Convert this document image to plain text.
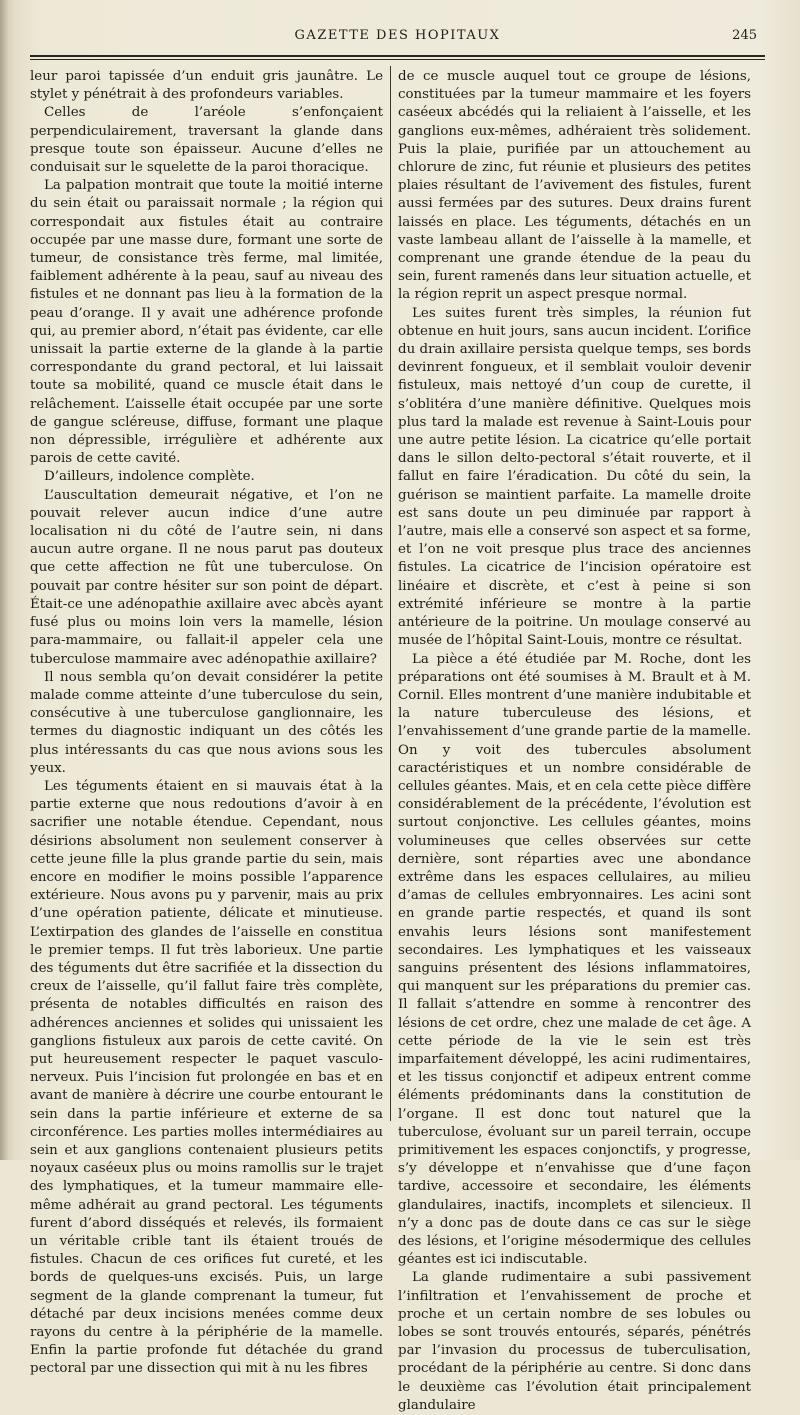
GAZETTE DES HOPITAUX	245

leur paroi tapissée d’un enduit gris jaunâtre. Le stylet y pénétrait à des profondeurs variables.

Celles de l’aréole s’enfonçaient perpendiculairement, traversant la glande dans presque toute son épaisseur. Aucune d’elles ne conduisait sur le squelette de la paroi thoracique.

La palpation montrait que toute la moitié interne du sein était ou paraissait normale ; la région qui correspondait aux fistules était au contraire occupée par une masse dure, formant une sorte de tumeur, de consistance très ferme, mal limitée, faiblement adhérente à la peau, sauf au niveau des fistules et ne donnant pas lieu à la formation de la peau d’orange. Il y avait une adhérence profonde qui, au premier abord, n’était pas évidente, car elle unissait la partie externe de la glande à la partie correspondante du grand pectoral, et lui laissait toute sa mobilité, quand ce muscle était dans le relâchement. L’aisselle était occupée par une sorte de gangue scléreuse, diffuse, formant une plaque non dépressible, irrégulière et adhérente aux parois de cette cavité.

D’ailleurs, indolence complète.

L’auscultation demeurait négative, et l’on ne pouvait relever aucun indice d’une autre localisation ni du côté de l’autre sein, ni dans aucun autre organe. Il ne nous parut pas douteux que cette affection ne fût une tuberculose. On pouvait par contre hésiter sur son point de départ. Était-ce une adénopathie axillaire avec abcès ayant fusé plus ou moins loin vers la mamelle, lésion para-mammaire, ou fallait-il appeler cela une tuberculose mammaire avec adénopathie axillaire?

Il nous sembla qu’on devait considérer la petite malade comme atteinte d’une tuberculose du sein, consécutive à une tuberculose ganglionnaire, les termes du diagnostic indiquant un des côtés les plus intéressants du cas que nous avions sous les yeux.

Les téguments étaient en si mauvais état à la partie externe que nous redoutions d’avoir à en sacrifier une notable étendue. Cependant, nous désirions absolument non seulement conserver à cette jeune fille la plus grande partie du sein, mais encore en modifier le moins possible l’apparence extérieure. Nous avons pu y parvenir, mais au prix d’une opération patiente, délicate et minutieuse. L’extirpation des glandes de l’aisselle en constitua le premier temps. Il fut très laborieux. Une partie des téguments dut être sacrifiée et la dissection du creux de l’aisselle, qu’il fallut faire très complète, présenta de notables difficultés en raison des adhérences anciennes et solides qui unissaient les ganglions fistuleux aux parois de cette cavité. On put heureusement respecter le paquet vasculo-nerveux. Puis l’incision fut prolongée en bas et en avant de manière à décrire une courbe entourant le sein dans la partie inférieure et externe de sa circonférence. Les parties molles intermédiaires au sein et aux ganglions contenaient plusieurs petits noyaux caséeux plus ou moins ramollis sur le trajet des lymphatiques, et la tumeur mammaire elle-même adhérait au grand pectoral. Les téguments furent d’abord disséqués et relevés, ils formaient un véritable crible tant ils étaient troués de fistules. Chacun de ces orifices fut cureté, et les bords de quelques-uns excisés. Puis, un large segment de la glande comprenant la tumeur, fut détaché par deux incisions menées comme deux rayons du centre à la périphérie de la mamelle. Enfin la partie profonde fut détachée du grand pectoral par une dissection qui mit à nu les fibres

de ce muscle auquel tout ce groupe de lésions, constituées par la tumeur mammaire et les foyers caséeux abcédés qui la reliaient à l’aisselle, et les ganglions eux-mêmes, adhéraient très solidement. Puis la plaie, purifiée par un attouchement au chlorure de zinc, fut réunie et plusieurs des petites plaies résultant de l’avivement des fistules, furent aussi fermées par des sutures. Deux drains furent laissés en place. Les téguments, détachés en un vaste lambeau allant de l’aisselle à la mamelle, et comprenant une grande étendue de la peau du sein, furent ramenés dans leur situation actuelle, et la région reprit un aspect presque normal.

Les suites furent très simples, la réunion fut obtenue en huit jours, sans aucun incident. L’orifice du drain axillaire persista quelque temps, ses bords devinrent fongueux, et il semblait vouloir devenir fistuleux, mais nettoyé d’un coup de curette, il s’oblitéra d’une manière définitive. Quelques mois plus tard la malade est revenue à Saint-Louis pour une autre petite lésion. La cicatrice qu’elle portait dans le sillon delto-pectoral s’était rouverte, et il fallut en faire l’éradication. Du côté du sein, la guérison se maintient parfaite. La mamelle droite est sans doute un peu diminuée par rapport à l’autre, mais elle a conservé son aspect et sa forme, et l’on ne voit presque plus trace des anciennes fistules. La cicatrice de l’incision opératoire est linéaire et discrète, et c’est à peine si son extrémité inférieure se montre à la partie antérieure de la poitrine. Un moulage conservé au musée de l’hôpital Saint-Louis, montre ce résultat.

La pièce a été étudiée par M. Roche, dont les préparations ont été soumises à M. Brault et à M. Cornil. Elles montrent d’une manière indubitable et la nature tuberculeuse des lésions, et l’envahissement d’une grande partie de la mamelle. On y voit des tubercules absolument caractéristiques et un nombre considérable de cellules géantes. Mais, et en cela cette pièce diffère considérablement de la précédente, l’évolution est surtout conjonctive. Les cellules géantes, moins volumineuses que celles observées sur cette dernière, sont réparties avec une abondance extrême dans les espaces cellulaires, au milieu d’amas de cellules embryonnaires. Les acini sont en grande partie respectés, et quand ils sont envahis leurs lésions sont manifestement secondaires. Les lymphatiques et les vaisseaux sanguins présentent des lésions inflammatoires, qui manquent sur les préparations du premier cas. Il fallait s’attendre en somme à rencontrer des lésions de cet ordre, chez une malade de cet âge. A cette période de la vie le sein est très imparfaitement développé, les acini rudimentaires, et les tissus conjonctif et adipeux entrent comme éléments prédominants dans la constitution de l’organe. Il est donc tout naturel que la tuberculose, évoluant sur un pareil terrain, occupe primitivement les espaces conjonctifs, y progresse, s’y développe et n’envahisse que d’une façon tardive, accessoire et secondaire, les éléments glandulaires, inactifs, incomplets et silencieux. Il n’y a donc pas de doute dans ce cas sur le siège des lésions, et l’origine mésodermique des cellules géantes est ici indiscutable.

La glande rudimentaire a subi passivement l’infiltration et l’envahissement de proche et proche et un certain nombre de ses lobules ou lobes se sont trouvés entourés, séparés, pénétrés par l’invasion du processus de tuberculisation, procédant de la périphérie au centre. Si donc dans le deuxième cas l’évolution était principalement glandulaire
